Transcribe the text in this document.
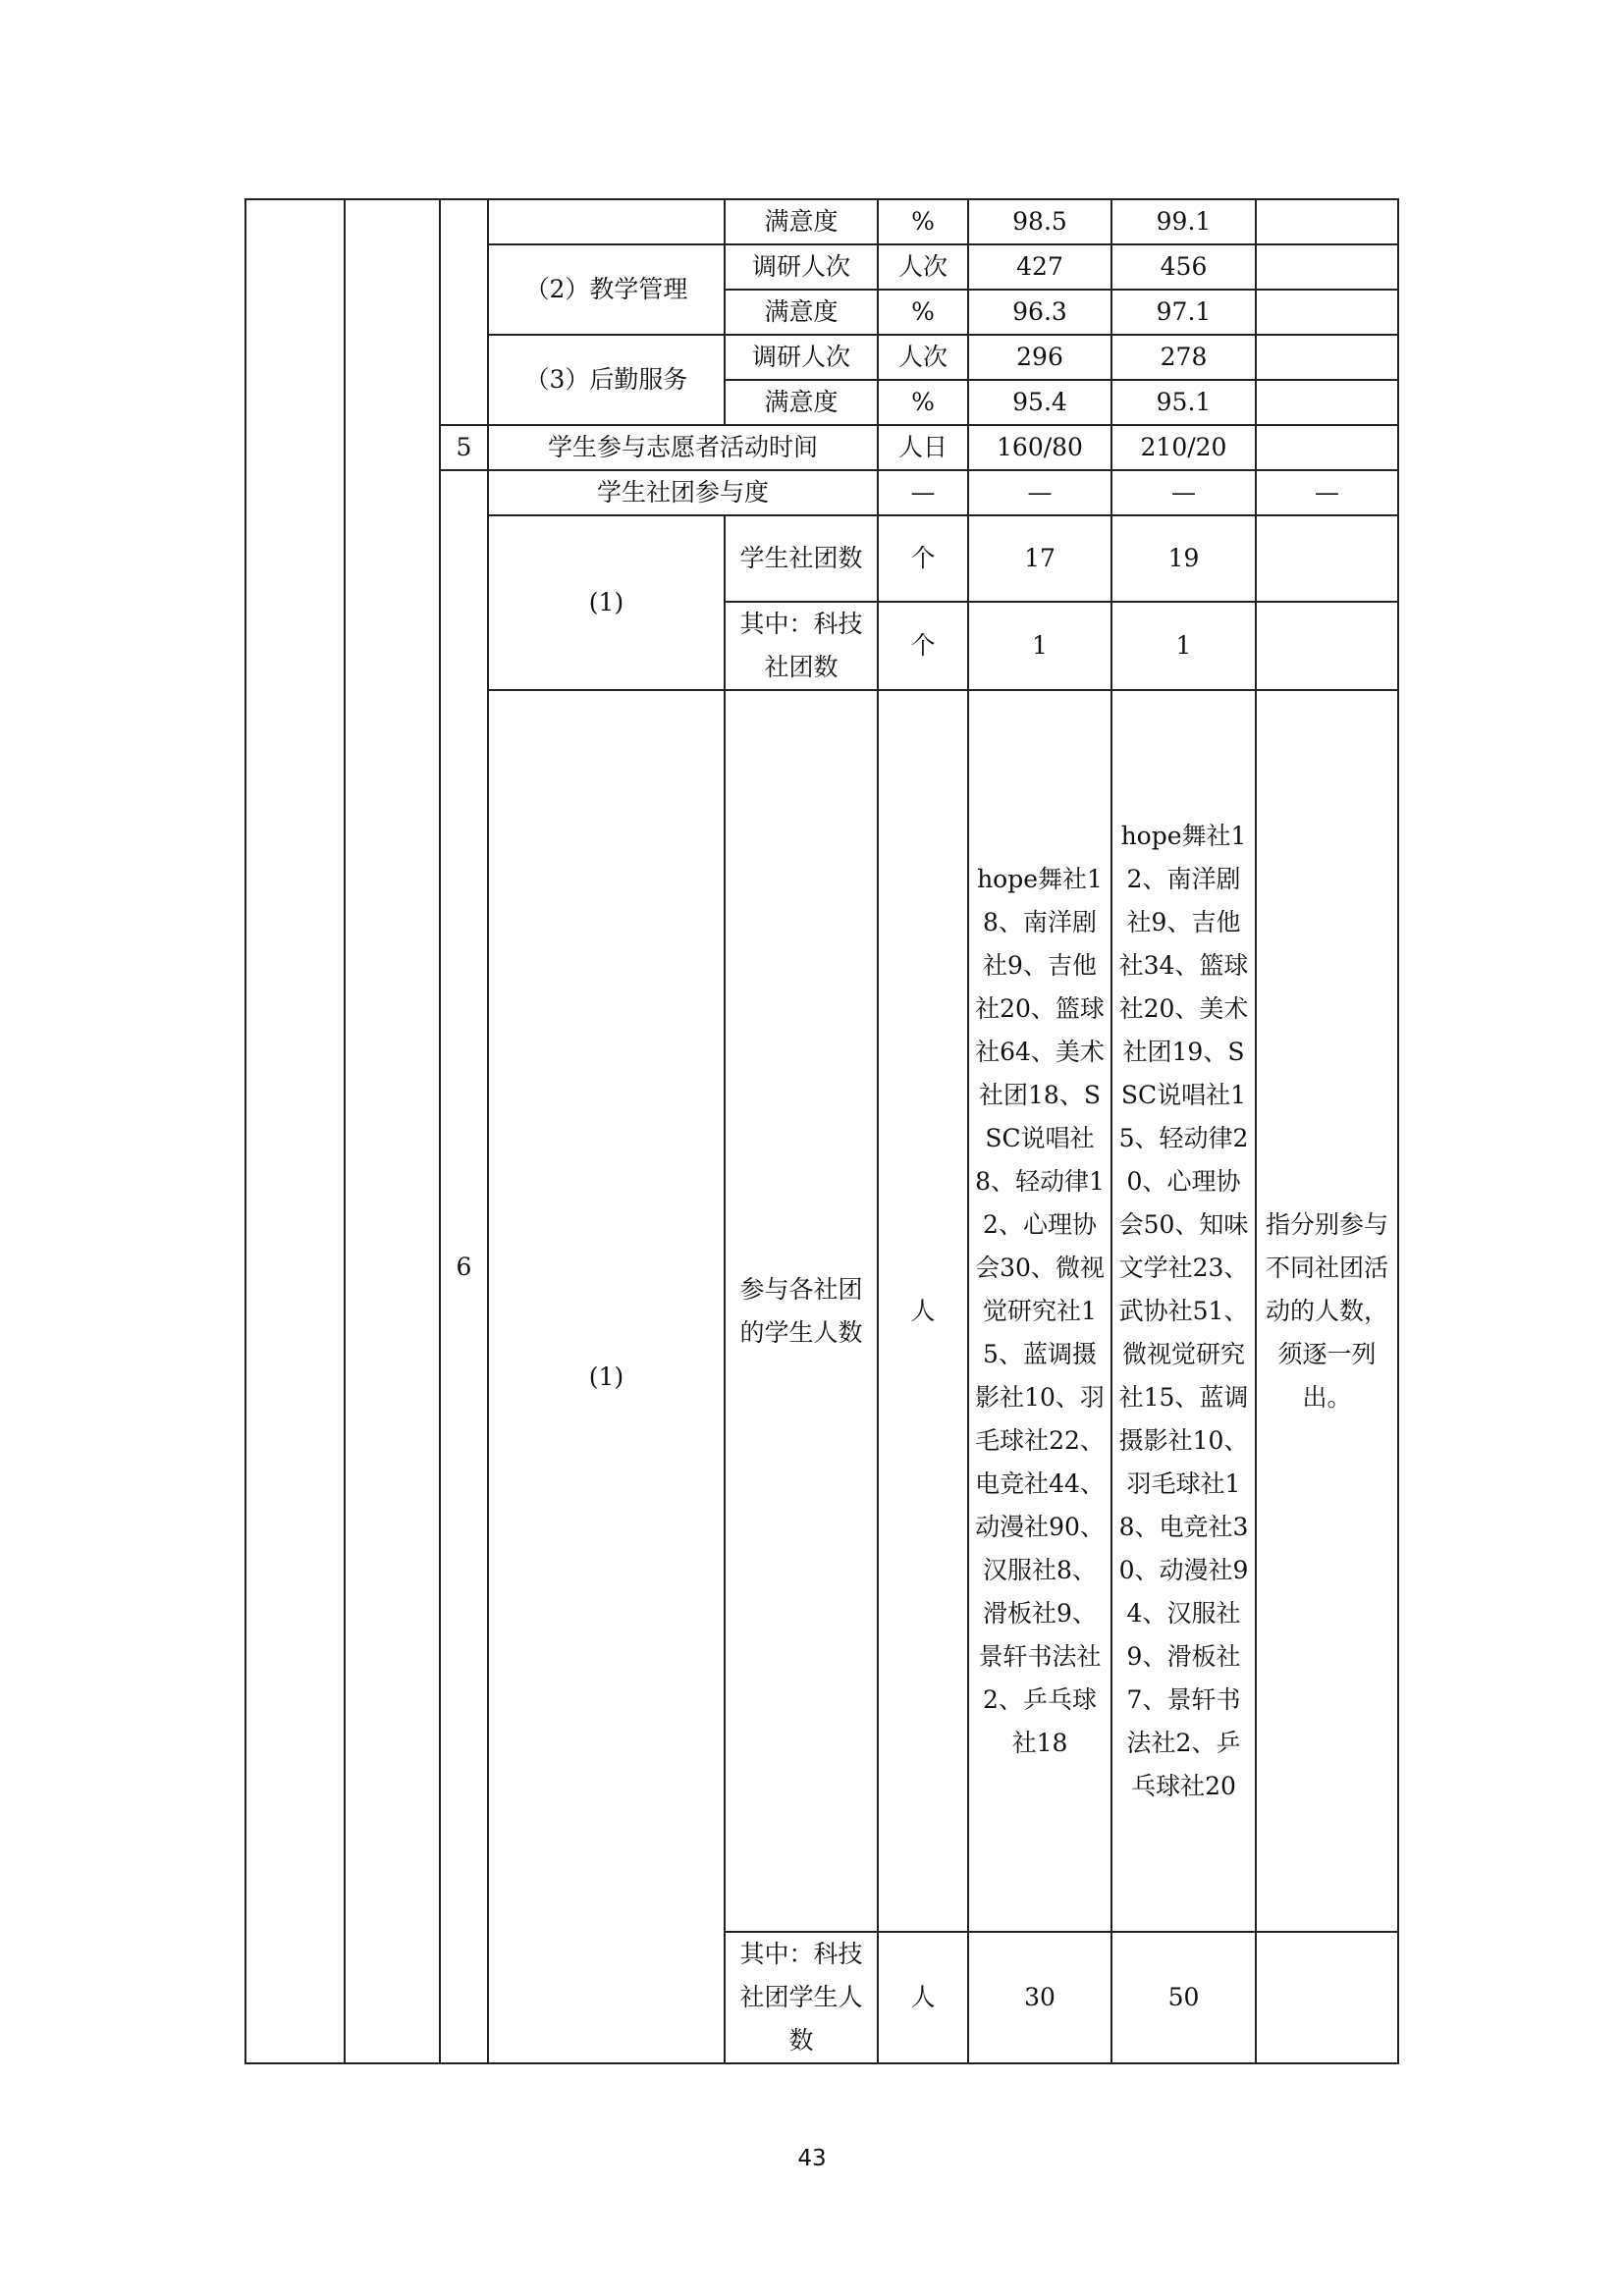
				满意度	%	98.5	99.1	
			（2）教学管理	调研人次	人次	427	456	
				满意度	%	96.3	97.1	
			（3）后勤服务	调研人次	人次	296	278	
				满意度	%	95.4	95.1	
		5	学生参与志愿者活动时间		人日	160/80	210/20	
		6	学生社团参与度		—	—	—	—
			(1)	学生社团数	个	17	19	
				其中：科技社团数	个	1	1	
			(1)	参与各社团的学生人数	人	hope舞社18、南洋剧社9、吉他社20、篮球社64、美术社团18、SSC说唱社8、轻动律12、心理协会30、微视觉研究社15、蓝调摄影社10、羽毛球社22、电竞社44、动漫社90、汉服社8、滑板社9、景轩书法社2、乒乓球社18	hope舞社12、南洋剧社9、吉他社34、篮球社20、美术社团19、SSC说唱社15、轻动律20、心理协会50、知味文学社23、武协社51、微视觉研究社15、蓝调摄影社10、羽毛球社18、电竞社30、动漫社94、汉服社9、滑板社7、景轩书法社2、乒乓球社20	指分别参与不同社团活动的人数，须逐一列出。
				其中：科技社团学生人数	人	30	50	
43
